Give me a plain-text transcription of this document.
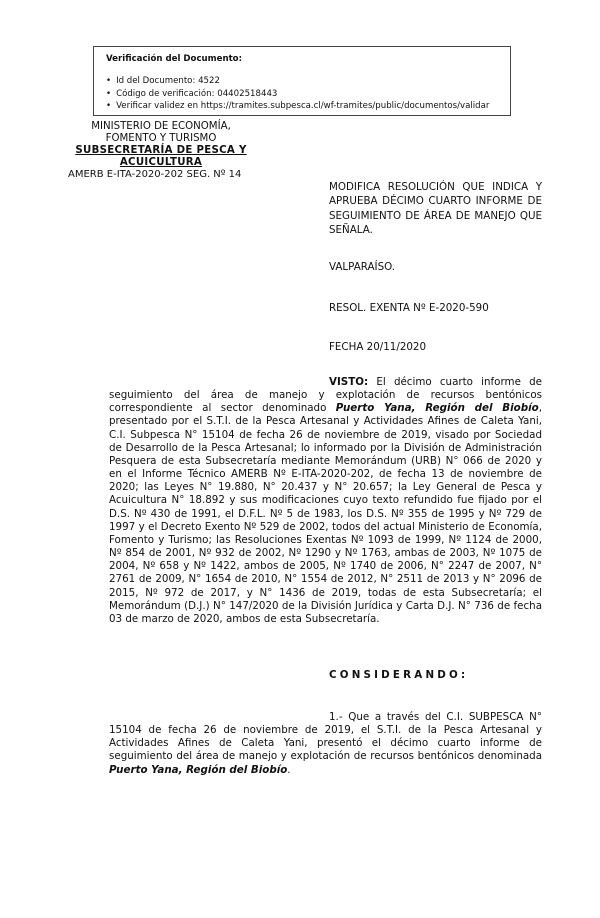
Verificación del Documento:
• Id del Documento: 4522
• Código de verificación: 04402518443
• Verificar validez en https://tramites.subpesca.cl/wf-tramites/public/documentos/validar
MINISTERIO DE ECONOMÍA,
FOMENTO Y TURISMO
SUBSECRETARÍA DE PESCA Y ACUICULTURA
AMERB E-ITA-2020-202 SEG. Nº 14
MODIFICA RESOLUCIÓN QUE INDICA Y APRUEBA DÉCIMO CUARTO INFORME DE SEGUIMIENTO DE ÁREA DE MANEJO QUE SEÑALA.
VALPARAÍSO.
RESOL. EXENTA Nº E-2020-590
FECHA 20/11/2020
VISTO: El décimo cuarto informe de seguimiento del área de manejo y explotación de recursos bentónicos correspondiente al sector denominado Puerto Yana, Región del Biobío, presentado por el S.T.I. de la Pesca Artesanal y Actividades Afines de Caleta Yani, C.I. Subpesca N° 15104 de fecha 26 de noviembre de 2019, visado por Sociedad de Desarrollo de la Pesca Artesanal; lo informado por la División de Administración Pesquera de esta Subsecretaría mediante Memorándum (URB) N° 066 de 2020 y en el Informe Técnico AMERB Nº E-ITA-2020-202, de fecha 13 de noviembre de 2020; las Leyes N° 19.880, N° 20.437 y N° 20.657; la Ley General de Pesca y Acuicultura N° 18.892 y sus modificaciones cuyo texto refundido fue fijado por el D.S. Nº 430 de 1991, el D.F.L. Nº 5 de 1983, los D.S. Nº 355 de 1995 y Nº 729 de 1997 y el Decreto Exento Nº 529 de 2002, todos del actual Ministerio de Economía, Fomento y Turismo; las Resoluciones Exentas Nº 1093 de 1999, Nº 1124 de 2000, Nº 854 de 2001, Nº 932 de 2002, Nº 1290 y Nº 1763, ambas de 2003, Nº 1075 de 2004, Nº 658 y Nº 1422, ambos de 2005, Nº 1740 de 2006, N° 2247 de 2007, N° 2761 de 2009, N° 1654 de 2010, N° 1554 de 2012, N° 2511 de 2013 y N° 2096 de 2015, Nº 972 de 2017, y N° 1436 de 2019, todas de esta Subsecretaría; el Memorándum (D.J.) N° 147/2020 de la División Jurídica y Carta D.J. N° 736 de fecha 03 de marzo de 2020, ambos de esta Subsecretaría.
CONSIDERANDO:
1.- Que a través del C.I. SUBPESCA N° 15104 de fecha 26 de noviembre de 2019, el S.T.I. de la Pesca Artesanal y Actividades Afines de Caleta Yani, presentó el décimo cuarto informe de seguimiento del área de manejo y explotación de recursos bentónicos denominada Puerto Yana, Región del Biobío.
